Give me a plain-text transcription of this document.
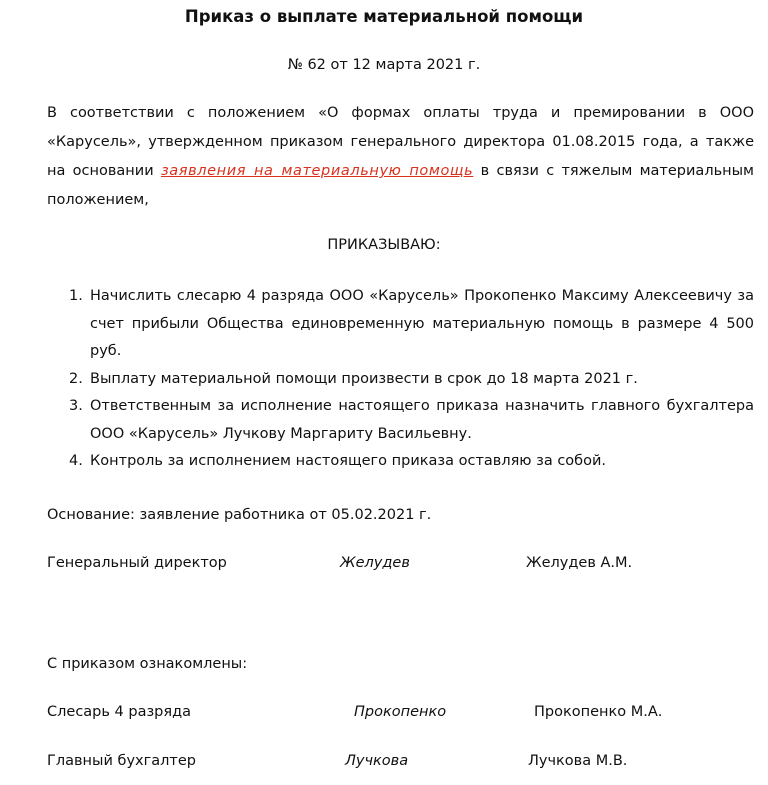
Приказ о выплате материальной помощи
№ 62 от 12 марта 2021 г.
В соответствии с положением «О формах оплаты труда и премировании в ООО «Карусель», утвержденном приказом генерального директора 01.08.2015 года, а также на основании заявления на материальную помощь в связи с тяжелым материальным положением,
ПРИКАЗЫВАЮ:
1. Начислить слесарю 4 разряда ООО «Карусель» Прокопенко Максиму Алексеевичу за счет прибыли Общества единовременную материальную помощь в размере 4 500 руб.
2. Выплату материальной помощи произвести в срок до 18 марта 2021 г.
3. Ответственным за исполнение настоящего приказа назначить главного бухгалтера ООО «Карусель» Лучкову Маргариту Васильевну.
4. Контроль за исполнением настоящего приказа оставляю за собой.
Основание: заявление работника от 05.02.2021 г.
Генеральный директор	Желудев	Желудев А.М.
С приказом ознакомлены:
Слесарь 4 разряда	Прокопенко	Прокопенко М.А.
Главный бухгалтер	Лучкова	Лучкова М.В.
